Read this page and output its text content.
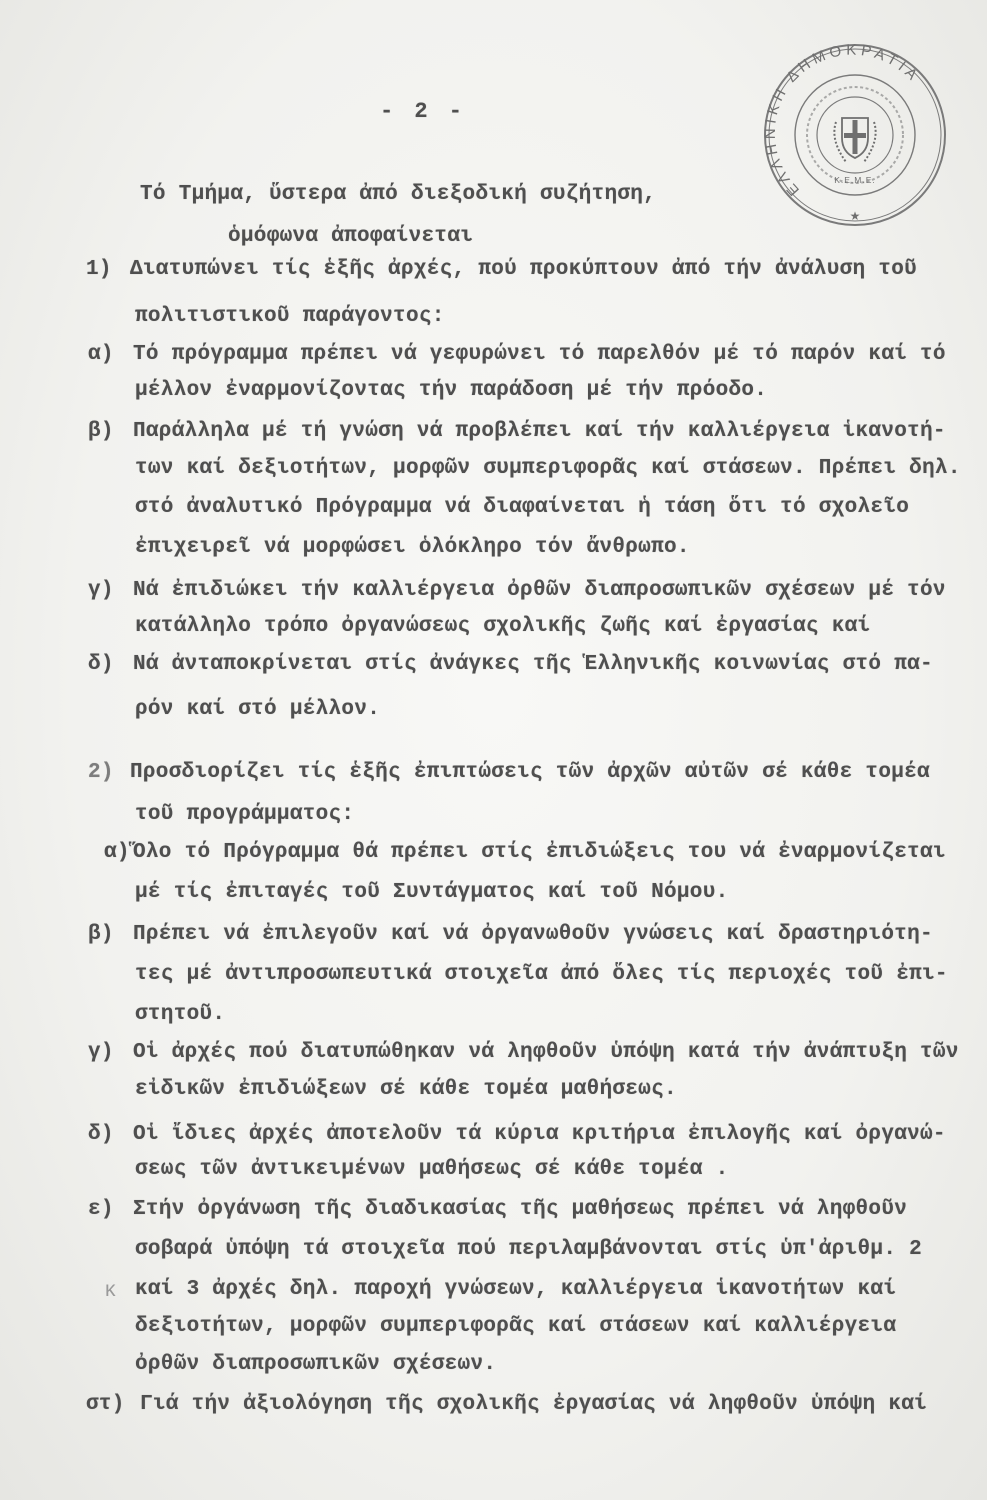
ΕΛΛΗΝΙΚΗ ΔΗΜΟΚΡΑΤΙΑ
★
Κ.Ε.Μ.Ε.
- 2 -
Τό Τμήμα, ὕστερα ἀπό διεξοδική συζήτηση,
ὁμόφωνα ἀποφαίνεται
1) Διατυπώνει τίς ἑξῆς ἀρχές, πού προκύπτουν ἀπό τήν ἀνάλυση τοῦ
πολιτιστικοῦ παράγοντος:
α) Τό πρόγραμμα πρέπει νά γεφυρώνει τό παρελθόν μέ τό παρόν καί τό
μέλλον ἐναρμονίζοντας τήν παράδοση μέ τήν πρόοδο.
β) Παράλληλα μέ τή γνώση νά προβλέπει καί τήν καλλιέργεια ἱκανοτή-
των καί δεξιοτήτων, μορφῶν συμπεριφορᾶς καί στάσεων. Πρέπει δηλ.
στό ἀναλυτικό Πρόγραμμα νά διαφαίνεται ἡ τάση ὅτι τό σχολεῖο
ἐπιχειρεῖ νά μορφώσει ὁλόκληρο τόν ἄνθρωπο.
γ) Νά ἐπιδιώκει τήν καλλιέργεια ὀρθῶν διαπροσωπικῶν σχέσεων μέ τόν
κατάλληλο τρόπο ὀργανώσεως σχολικῆς ζωῆς καί ἐργασίας καί
δ) Νά ἀνταποκρίνεται στίς ἀνάγκες τῆς Ἑλληνικῆς κοινωνίας στό πα-
ρόν καί στό μέλλον.
2) Προσδιορίζει τίς ἑξῆς ἐπιπτώσεις τῶν ἀρχῶν αὐτῶν σέ κάθε τομέα
τοῦ προγράμματος:
α) Ὅλο τό Πρόγραμμα θά πρέπει στίς ἐπιδιώξεις του νά ἐναρμονίζεται
μέ τίς ἐπιταγές τοῦ Συντάγματος καί τοῦ Νόμου.
β) Πρέπει νά ἐπιλεγοῦν καί νά ὀργανωθοῦν γνώσεις καί δραστηριότη-
τες μέ ἀντιπροσωπευτικά στοιχεῖα ἀπό ὅλες τίς περιοχές τοῦ ἐπι-
στητοῦ.
γ) Οἱ ἀρχές πού διατυπώθηκαν νά ληφθοῦν ὑπόψη κατά τήν ἀνάπτυξη τῶν
εἰδικῶν ἐπιδιώξεων σέ κάθε τομέα μαθήσεως.
δ) Οἱ ἴδιες ἀρχές ἀποτελοῦν τά κύρια κριτήρια ἐπιλογῆς καί ὀργανώ-
σεως τῶν ἀντικειμένων μαθήσεως σέ κάθε τομέα .
ε) Στήν ὀργάνωση τῆς διαδικασίας τῆς μαθήσεως πρέπει νά ληφθοῦν
σοβαρά ὑπόψη τά στοιχεῖα πού περιλαμβάνονται στίς ὑπ'ἀριθμ. 2
κ καί 3 ἀρχές δηλ. παροχή γνώσεων, καλλιέργεια ἱκανοτήτων καί
δεξιοτήτων, μορφῶν συμπεριφορᾶς καί στάσεων καί καλλιέργεια
ὀρθῶν διαπροσωπικῶν σχέσεων.
στ) Γιά τήν ἀξιολόγηση τῆς σχολικῆς ἐργασίας νά ληφθοῦν ὑπόψη καί
